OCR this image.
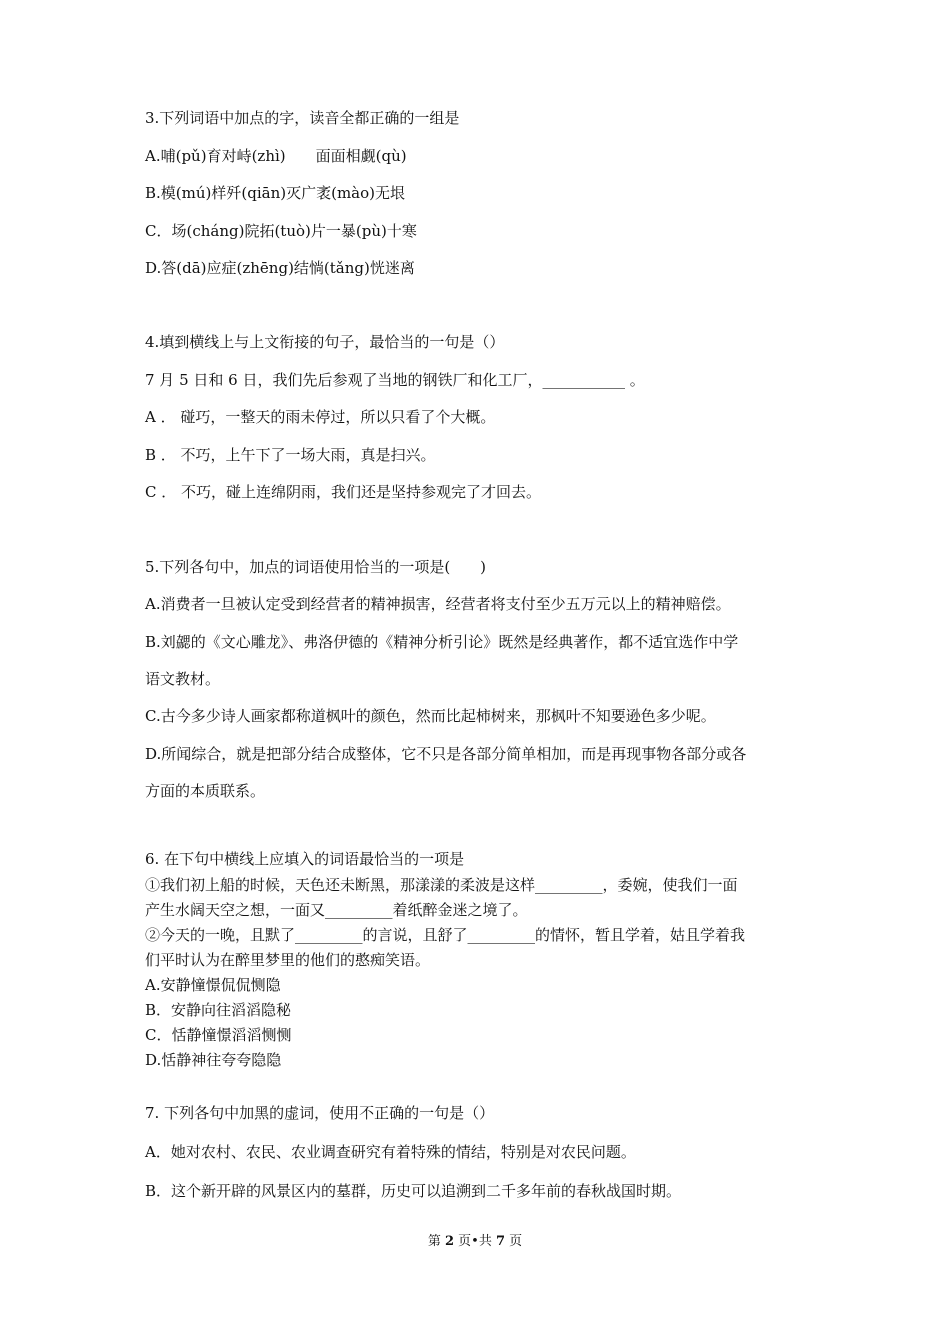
3.下列词语中加点的字，读音全都正确的一组是
A.哺(pǔ)育对峙(zhì)　　面面相觑(qù)
B.模(mú)样歼(qiān)灭广袤(mào)无垠
C．场(cháng)院拓(tuò)片一暴(pù)十寒
D.答(dā)应症(zhēng)结惝(tǎng)恍迷离
4.填到横线上与上文衔接的句子，最恰当的一句是（）
7 月 5 日和 6 日，我们先后参观了当地的钢铁厂和化工厂，___________ 。
A ． 碰巧，一整天的雨未停过，所以只看了个大概。
B ． 不巧，上午下了一场大雨，真是扫兴。
C ． 不巧，碰上连绵阴雨，我们还是坚持参观完了才回去。
5.下列各句中，加点的词语使用恰当的一项是(　　)
A.消费者一旦被认定受到经营者的精神损害，经营者将支付至少五万元以上的精神赔偿。
B.刘勰的《文心雕龙》、弗洛伊德的《精神分析引论》既然是经典著作，都不适宜选作中学
语文教材。
C.古今多少诗人画家都称道枫叶的颜色，然而比起柿树来，那枫叶不知要逊色多少呢。
D.所闻综合，就是把部分结合成整体，它不只是各部分简单相加，而是再现事物各部分或各
方面的本质联系。
6. 在下句中横线上应填入的词语最恰当的一项是
①我们初上船的时候，天色还未断黑，那漾漾的柔波是这样_________，委婉，使我们一面
产生水阔天空之想，一面又_________着纸醉金迷之境了。
②今天的一晚，且默了_________的言说，且舒了_________的情怀，暂且学着，姑且学着我
们平时认为在醉里梦里的他们的憨痴笑语。
A.安静憧憬侃侃恻隐
B．安静向往滔滔隐秘
C．恬静憧憬滔滔恻恻
D.恬静神往夸夸隐隐
7. 下列各句中加黑的虚词，使用不正确的一句是（）
A．她对农村、农民、农业调查研究有着特殊的情结，特别是对农民问题。
B．这个新开辟的风景区内的墓群，历史可以追溯到二千多年前的春秋战国时期。
第 2 页•共 7 页
